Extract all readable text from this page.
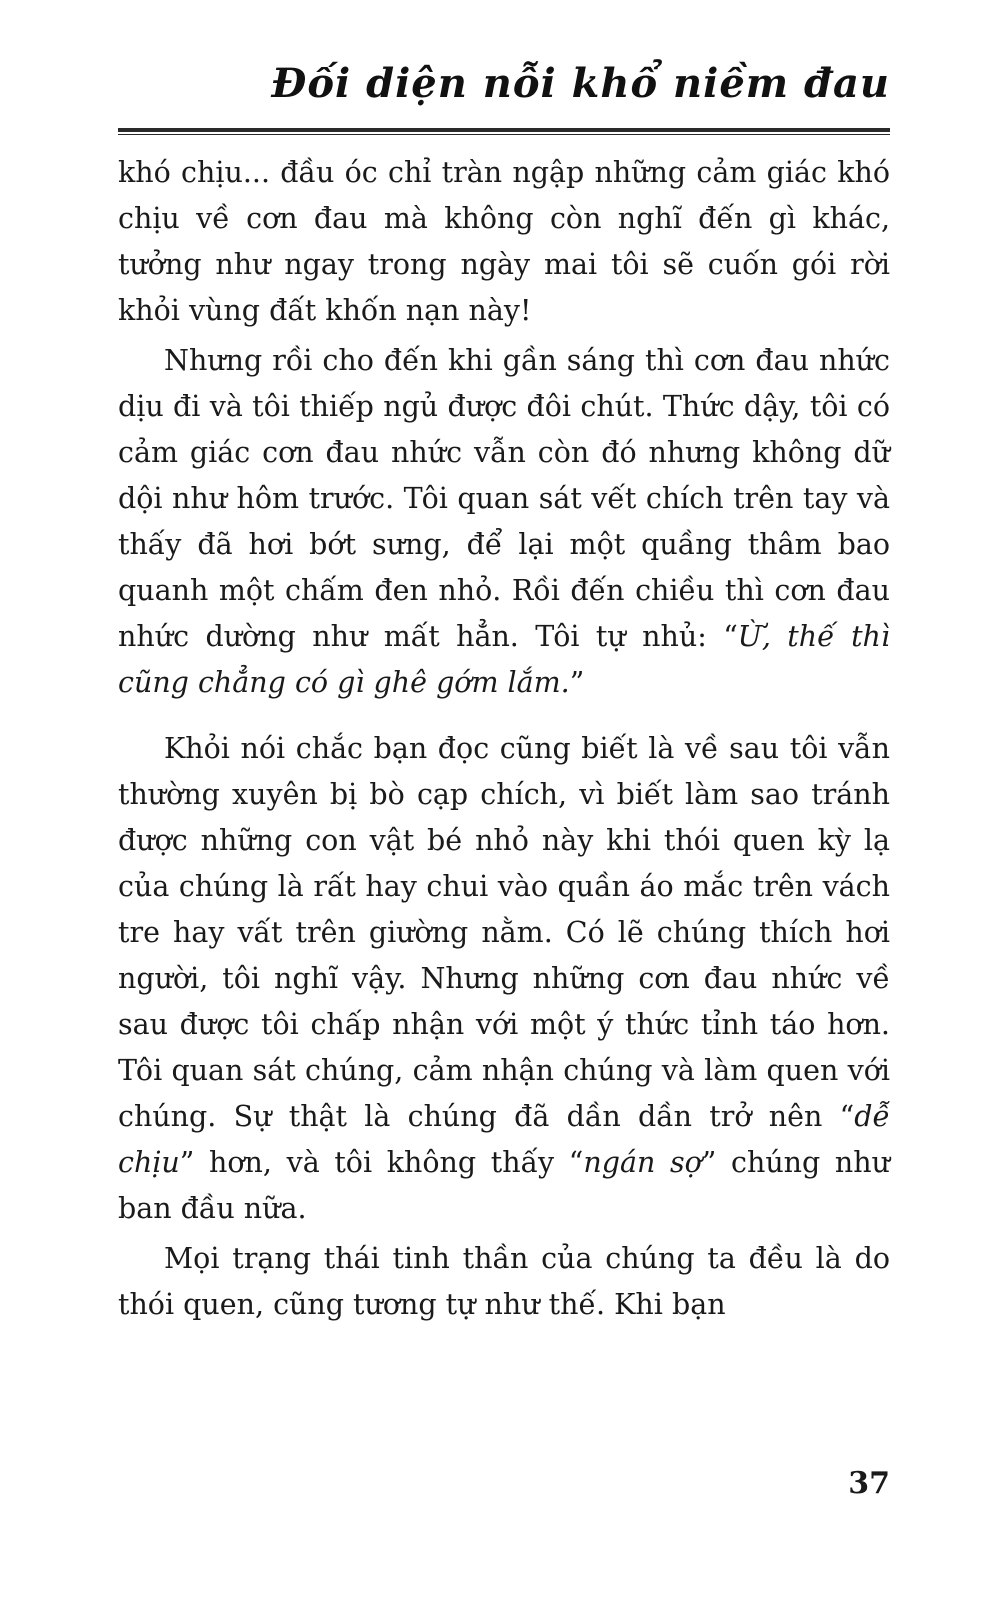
Đối diện nỗi khổ niềm đau

khó chịu... đầu óc chỉ tràn ngập những cảm giác khó chịu về cơn đau mà không còn nghĩ đến gì khác, tưởng như ngay trong ngày mai tôi sẽ cuốn gói rời khỏi vùng đất khốn nạn này!

Nhưng rồi cho đến khi gần sáng thì cơn đau nhức dịu đi và tôi thiếp ngủ được đôi chút. Thức dậy, tôi có cảm giác cơn đau nhức vẫn còn đó nhưng không dữ dội như hôm trước. Tôi quan sát vết chích trên tay và thấy đã hơi bớt sưng, để lại một quầng thâm bao quanh một chấm đen nhỏ. Rồi đến chiều thì cơn đau nhức dường như mất hẳn. Tôi tự nhủ: “Ừ, thế thì cũng chẳng có gì ghê gớm lắm.”

Khỏi nói chắc bạn đọc cũng biết là về sau tôi vẫn thường xuyên bị bò cạp chích, vì biết làm sao tránh được những con vật bé nhỏ này khi thói quen kỳ lạ của chúng là rất hay chui vào quần áo mắc trên vách tre hay vất trên giường nằm. Có lẽ chúng thích hơi người, tôi nghĩ vậy. Nhưng những cơn đau nhức về sau được tôi chấp nhận với một ý thức tỉnh táo hơn. Tôi quan sát chúng, cảm nhận chúng và làm quen với chúng. Sự thật là chúng đã dần dần trở nên “dễ chịu” hơn, và tôi không thấy “ngán sợ” chúng như ban đầu nữa.

Mọi trạng thái tinh thần của chúng ta đều là do thói quen, cũng tương tự như thế. Khi bạn

37
